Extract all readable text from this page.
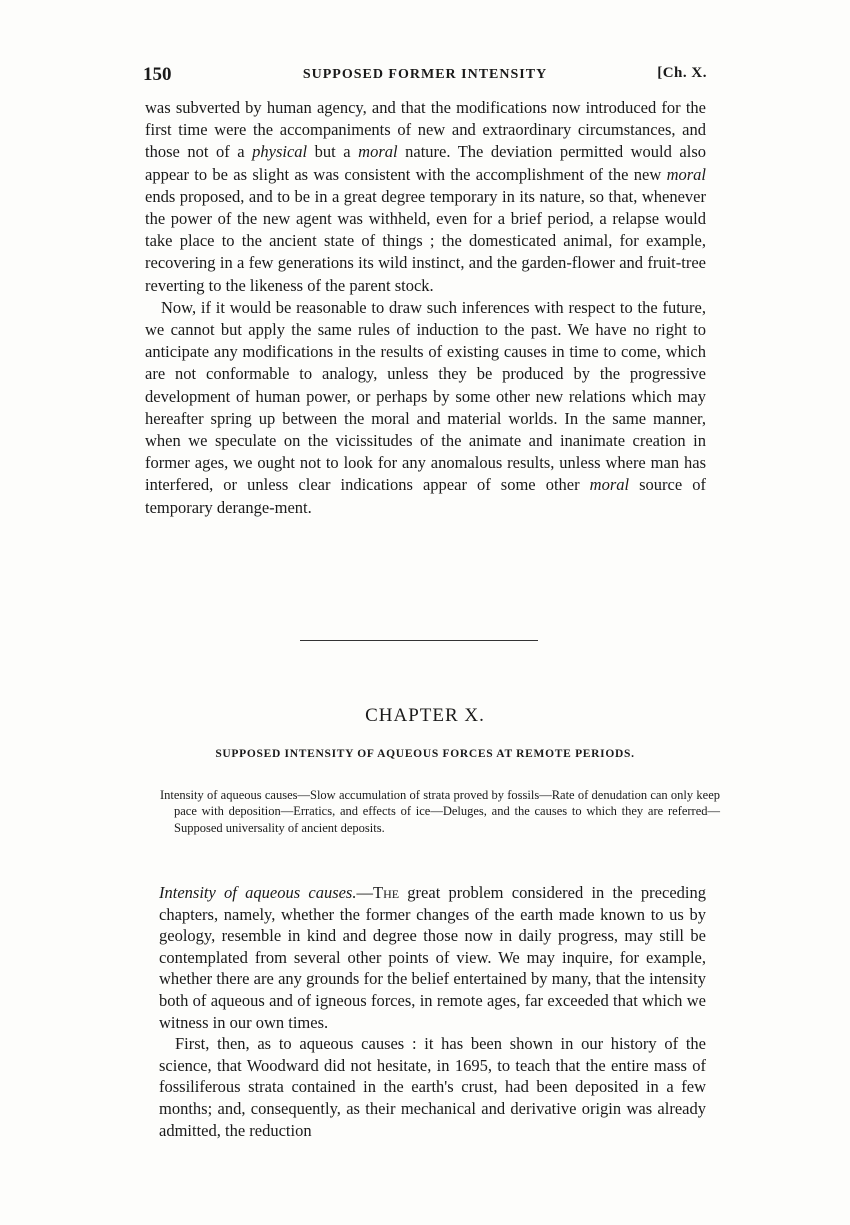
150	SUPPOSED FORMER INTENSITY	[Ch. X.

was subverted by human agency, and that the modifications now introduced for the first time were the accompaniments of new and extraordinary circumstances, and those not of a physical but a moral nature. The deviation permitted would also appear to be as slight as was consistent with the accomplishment of the new moral ends proposed, and to be in a great degree temporary in its nature, so that, whenever the power of the new agent was withheld, even for a brief period, a relapse would take place to the ancient state of things ; the domesticated animal, for example, recovering in a few generations its wild instinct, and the garden-flower and fruit-tree reverting to the likeness of the parent stock.

Now, if it would be reasonable to draw such inferences with respect to the future, we cannot but apply the same rules of induction to the past. We have no right to anticipate any modifications in the results of existing causes in time to come, which are not conformable to analogy, unless they be produced by the progressive development of human power, or perhaps by some other new relations which may hereafter spring up between the moral and material worlds. In the same manner, when we speculate on the vicissitudes of the animate and inanimate creation in former ages, we ought not to look for any anomalous results, unless where man has interfered, or unless clear indications appear of some other moral source of temporary derange-ment.

CHAPTER X.
SUPPOSED INTENSITY OF AQUEOUS FORCES AT REMOTE PERIODS.
Intensity of aqueous causes—Slow accumulation of strata proved by fossils—Rate of denudation can only keep pace with deposition—Erratics, and effects of ice—Deluges, and the causes to which they are referred—Supposed universality of ancient deposits.

Intensity of aqueous causes.—The great problem considered in the preceding chapters, namely, whether the former changes of the earth made known to us by geology, resemble in kind and degree those now in daily progress, may still be contemplated from several other points of view. We may inquire, for example, whether there are any grounds for the belief entertained by many, that the intensity both of aqueous and of igneous forces, in remote ages, far exceeded that which we witness in our own times.

First, then, as to aqueous causes : it has been shown in our history of the science, that Woodward did not hesitate, in 1695, to teach that the entire mass of fossiliferous strata contained in the earth's crust, had been deposited in a few months; and, consequently, as their mechanical and derivative origin was already admitted, the reduction
